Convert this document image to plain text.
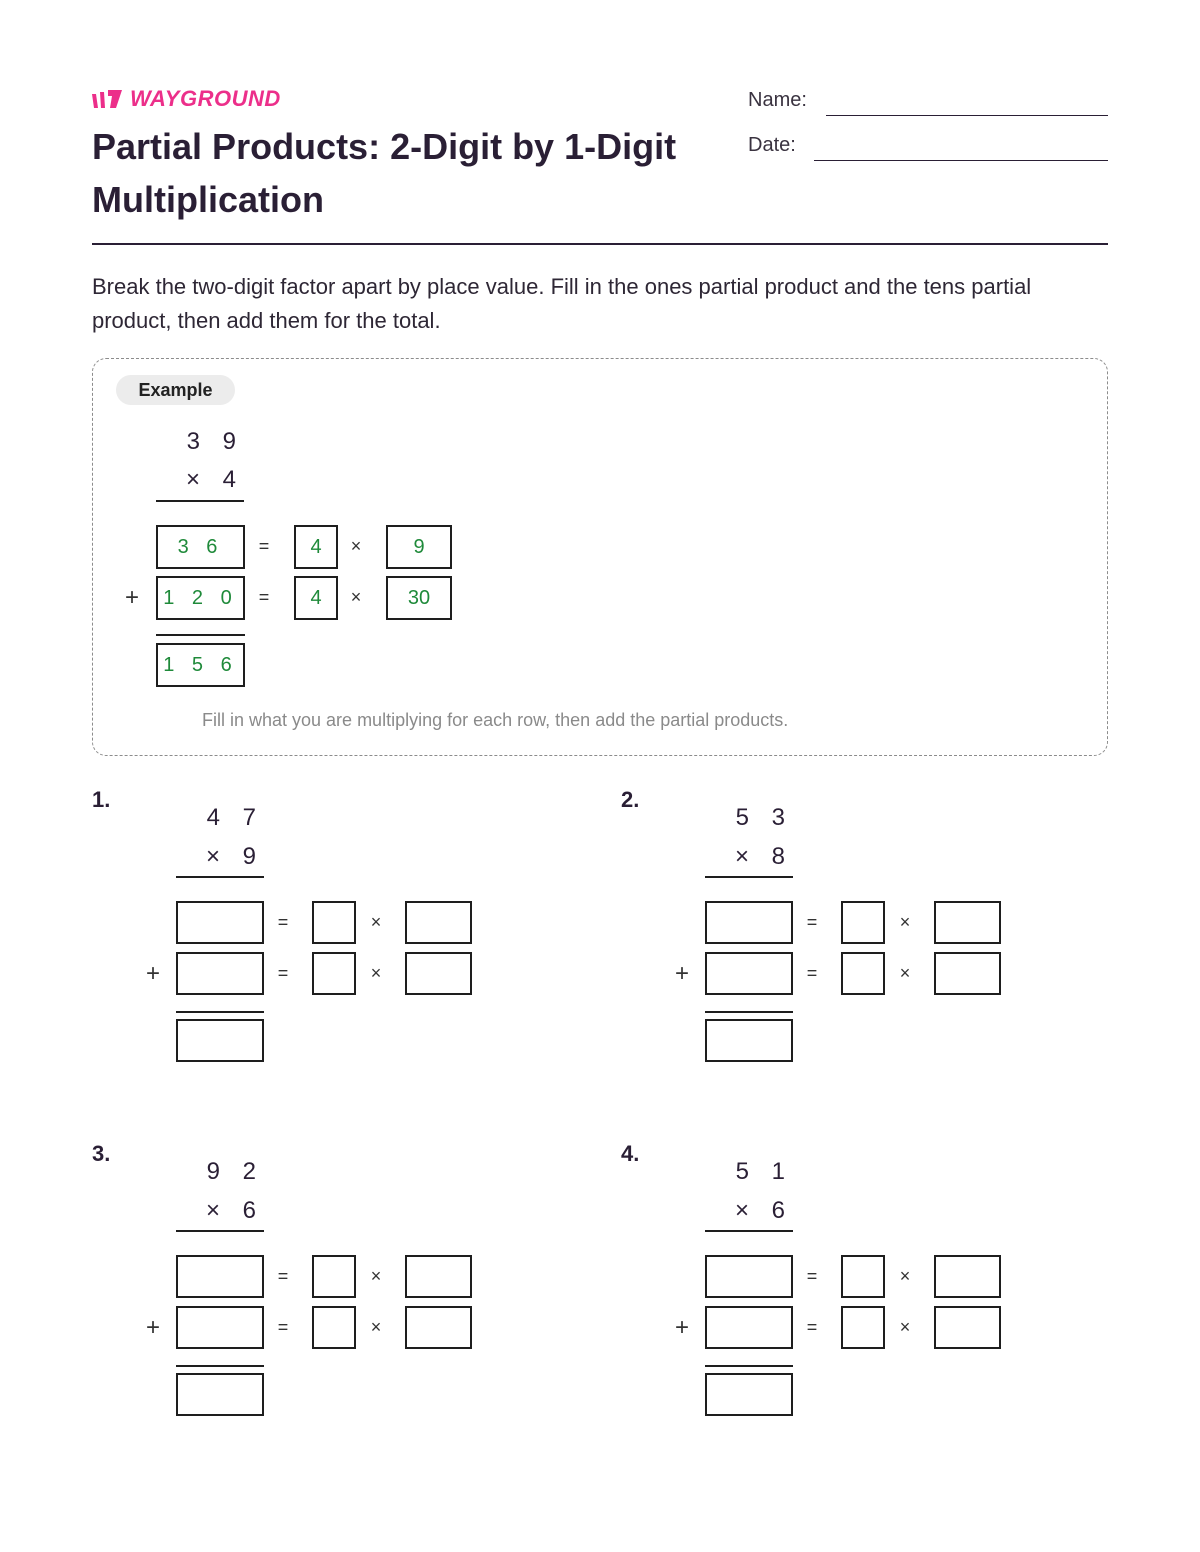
WAYGROUND
Partial Products: 2-Digit by 1-Digit Multiplication
Name:
Date:
Break the two-digit factor apart by place value. Fill in the ones partial product and the tens partial product, then add them for the total.
Example
3 9
× 4
3 6	=	4	×	9
+	1 2 0	=	4	×	30
1 5 6
Fill in what you are multiplying for each row, then add the partial products.
1.
4 7
× 9
=	×
+	=	×
2.
5 3
× 8
=	×
+	=	×
3.
9 2
× 6
=	×
+	=	×
4.
5 1
× 6
=	×
+	=	×
